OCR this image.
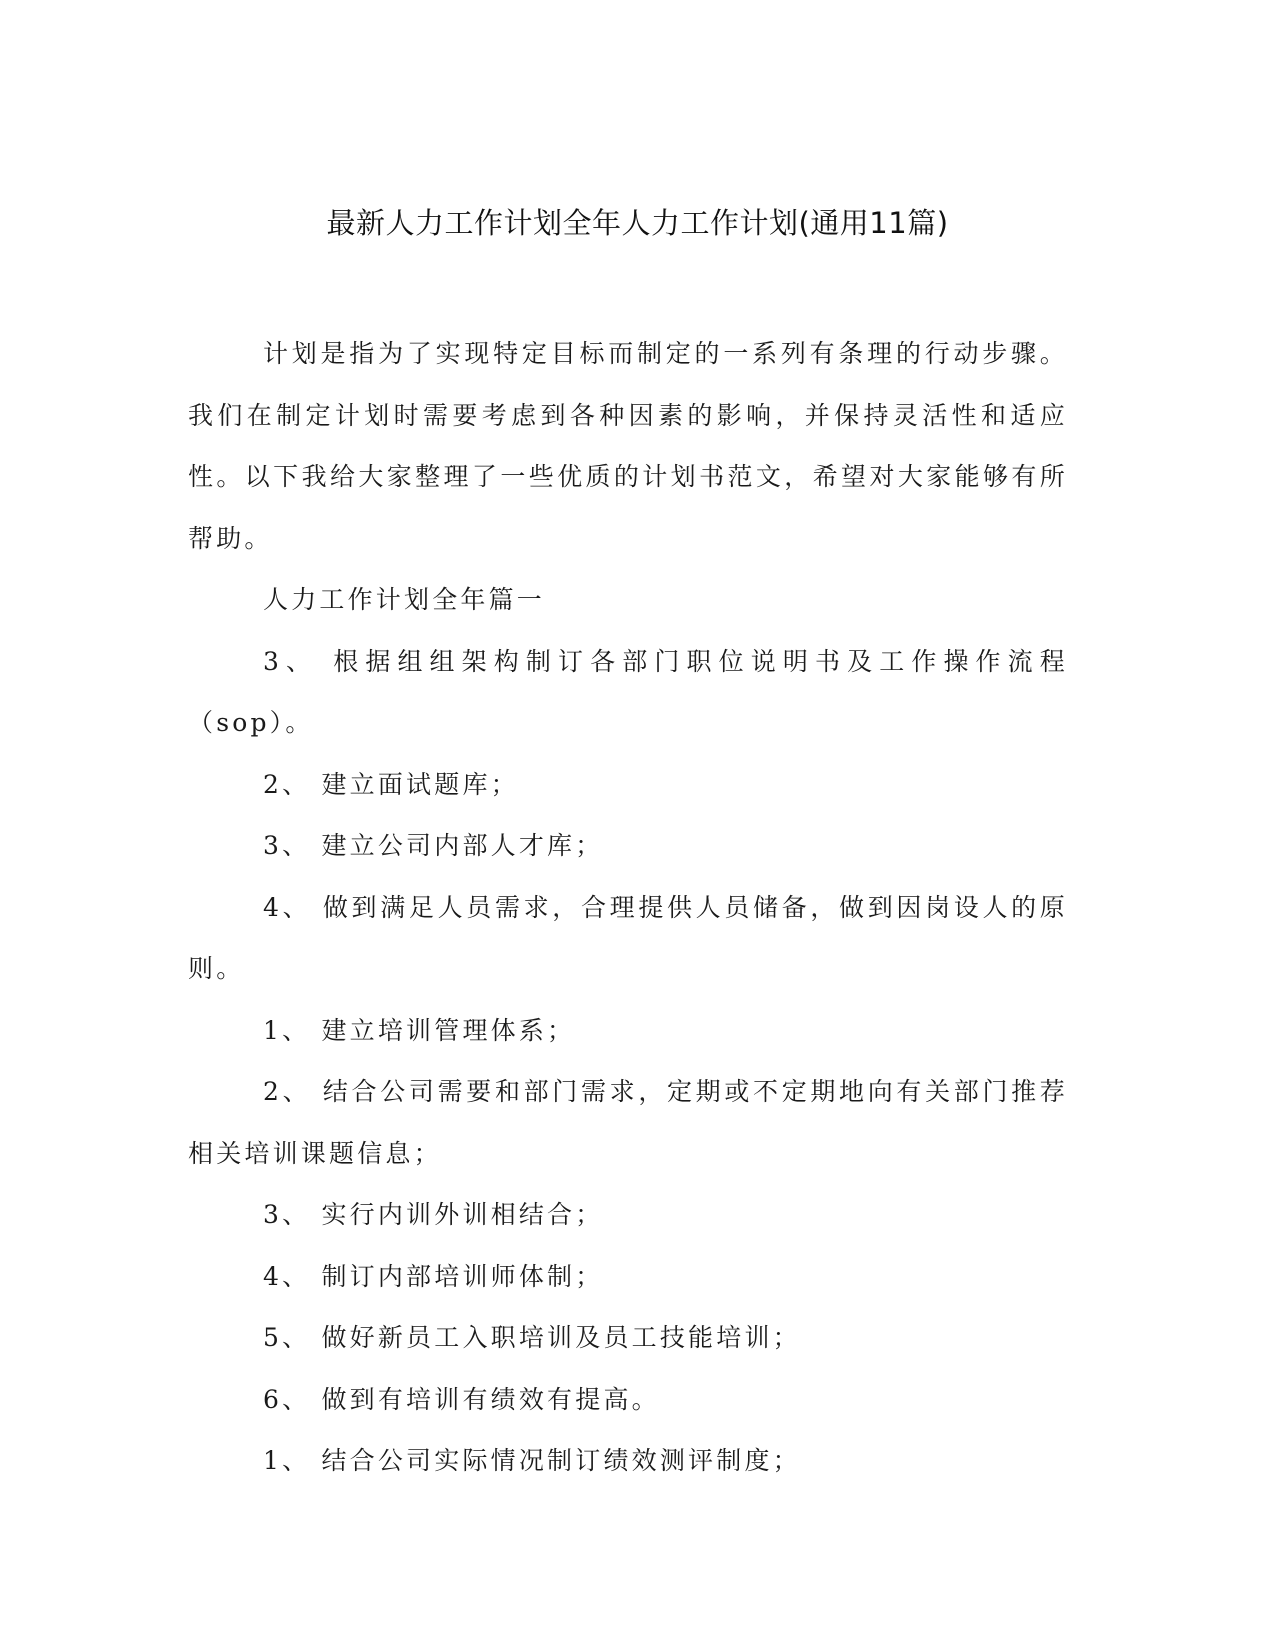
最新人力工作计划全年人力工作计划(通用11篇)

计划是指为了实现特定目标而制定的一系列有条理的行动步骤。我们在制定计划时需要考虑到各种因素的影响，并保持灵活性和适应性。以下我给大家整理了一些优质的计划书范文，希望对大家能够有所帮助。

人力工作计划全年篇一

3、 根据组组架构制订各部门职位说明书及工作操作流程（sop）。

2、 建立面试题库；

3、 建立公司内部人才库；

4、 做到满足人员需求，合理提供人员储备，做到因岗设人的原则。

1、 建立培训管理体系；

2、 结合公司需要和部门需求，定期或不定期地向有关部门推荐相关培训课题信息；

3、 实行内训外训相结合；

4、 制订内部培训师体制；

5、 做好新员工入职培训及员工技能培训；

6、 做到有培训有绩效有提高。

1、 结合公司实际情况制订绩效测评制度；
